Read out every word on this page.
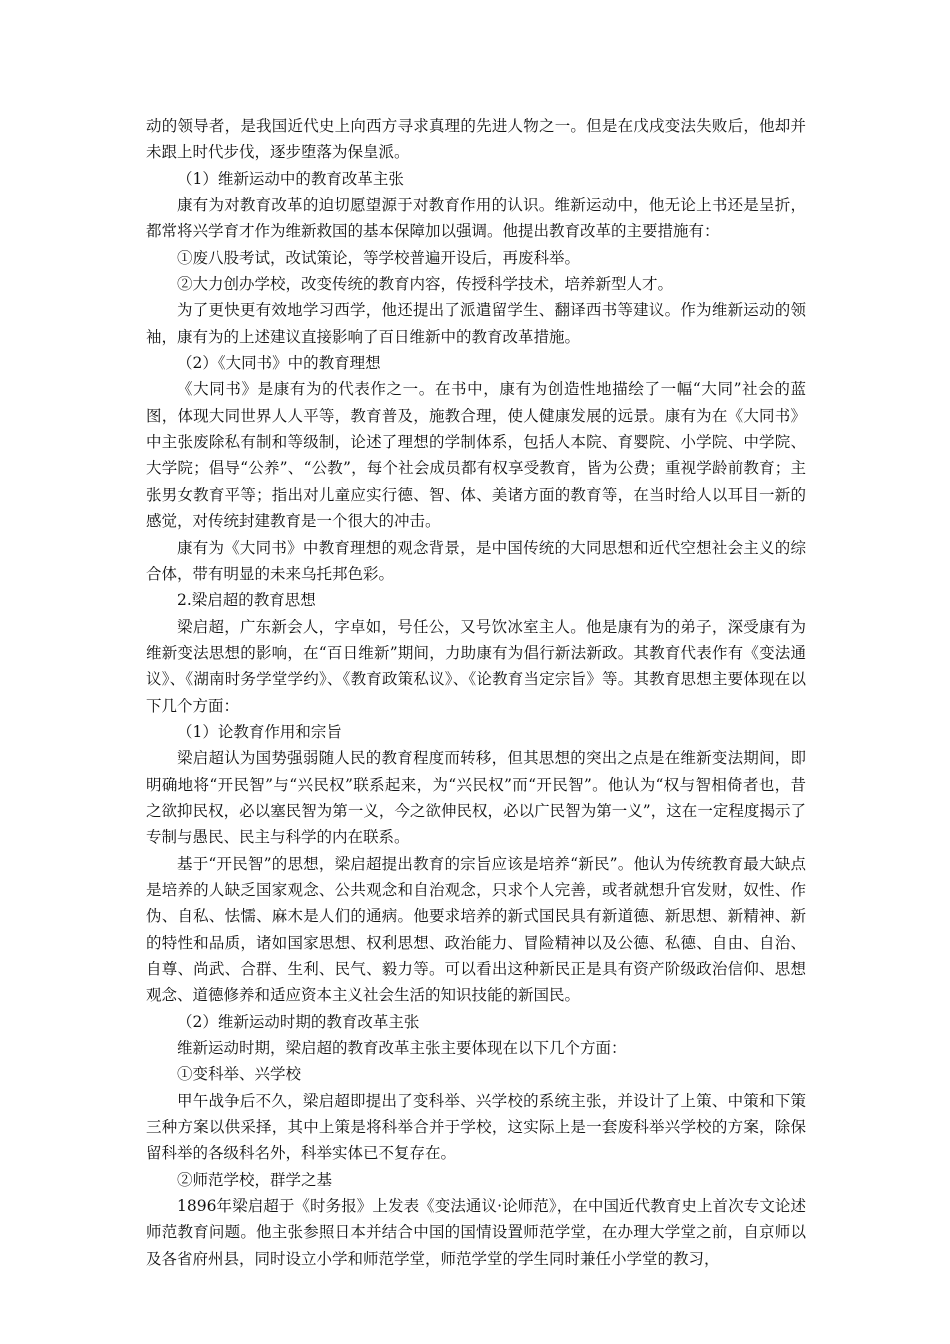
动的领导者，是我国近代史上向西方寻求真理的先进人物之一。但是在戊戌变法失败后，他却并未跟上时代步伐，逐步堕落为保皇派。

（1）维新运动中的教育改革主张

康有为对教育改革的迫切愿望源于对教育作用的认识。维新运动中，他无论上书还是呈折，都常将兴学育才作为维新救国的基本保障加以强调。他提出教育改革的主要措施有：

①废八股考试，改试策论，等学校普遍开设后，再废科举。

②大力创办学校，改变传统的教育内容，传授科学技术，培养新型人才。

为了更快更有效地学习西学，他还提出了派遣留学生、翻译西书等建议。作为维新运动的领袖，康有为的上述建议直接影响了百日维新中的教育改革措施。

（2）《大同书》中的教育理想

《大同书》是康有为的代表作之一。在书中，康有为创造性地描绘了一幅“大同”社会的蓝图，体现大同世界人人平等，教育普及，施教合理，使人健康发展的远景。康有为在《大同书》中主张废除私有制和等级制，论述了理想的学制体系，包括人本院、育婴院、小学院、中学院、大学院；倡导“公养”、“公教”，每个社会成员都有权享受教育，皆为公费；重视学龄前教育；主张男女教育平等；指出对儿童应实行德、智、体、美诸方面的教育等，在当时给人以耳目一新的感觉，对传统封建教育是一个很大的冲击。

康有为《大同书》中教育理想的观念背景，是中国传统的大同思想和近代空想社会主义的综合体，带有明显的未来乌托邦色彩。

2.梁启超的教育思想

梁启超，广东新会人，字卓如，号任公，又号饮冰室主人。他是康有为的弟子，深受康有为维新变法思想的影响，在“百日维新”期间，力助康有为倡行新法新政。其教育代表作有《变法通议》、《湖南时务学堂学约》、《教育政策私议》、《论教育当定宗旨》等。其教育思想主要体现在以下几个方面：

（1）论教育作用和宗旨

梁启超认为国势强弱随人民的教育程度而转移，但其思想的突出之点是在维新变法期间，即明确地将“开民智”与“兴民权”联系起来，为“兴民权”而“开民智”。他认为“权与智相倚者也，昔之欲抑民权，必以塞民智为第一义，今之欲伸民权，必以广民智为第一义”，这在一定程度揭示了专制与愚民、民主与科学的内在联系。

基于“开民智”的思想，梁启超提出教育的宗旨应该是培养“新民”。他认为传统教育最大缺点是培养的人缺乏国家观念、公共观念和自治观念，只求个人完善，或者就想升官发财，奴性、作伪、自私、怯懦、麻木是人们的通病。他要求培养的新式国民具有新道德、新思想、新精神、新的特性和品质，诸如国家思想、权利思想、政治能力、冒险精神以及公德、私德、自由、自治、自尊、尚武、合群、生利、民气、毅力等。可以看出这种新民正是具有资产阶级政治信仰、思想观念、道德修养和适应资本主义社会生活的知识技能的新国民。

（2）维新运动时期的教育改革主张

维新运动时期，梁启超的教育改革主张主要体现在以下几个方面：

①变科举、兴学校

甲午战争后不久，梁启超即提出了变科举、兴学校的系统主张，并设计了上策、中策和下策三种方案以供采择，其中上策是将科举合并于学校，这实际上是一套废科举兴学校的方案，除保留科举的各级科名外，科举实体已不复存在。

②师范学校，群学之基

1896年梁启超于《时务报》上发表《变法通议·论师范》，在中国近代教育史上首次专文论述师范教育问题。他主张参照日本并结合中国的国情设置师范学堂，在办理大学堂之前，自京师以及各省府州县，同时设立小学和师范学堂，师范学堂的学生同时兼任小学堂的教习，
